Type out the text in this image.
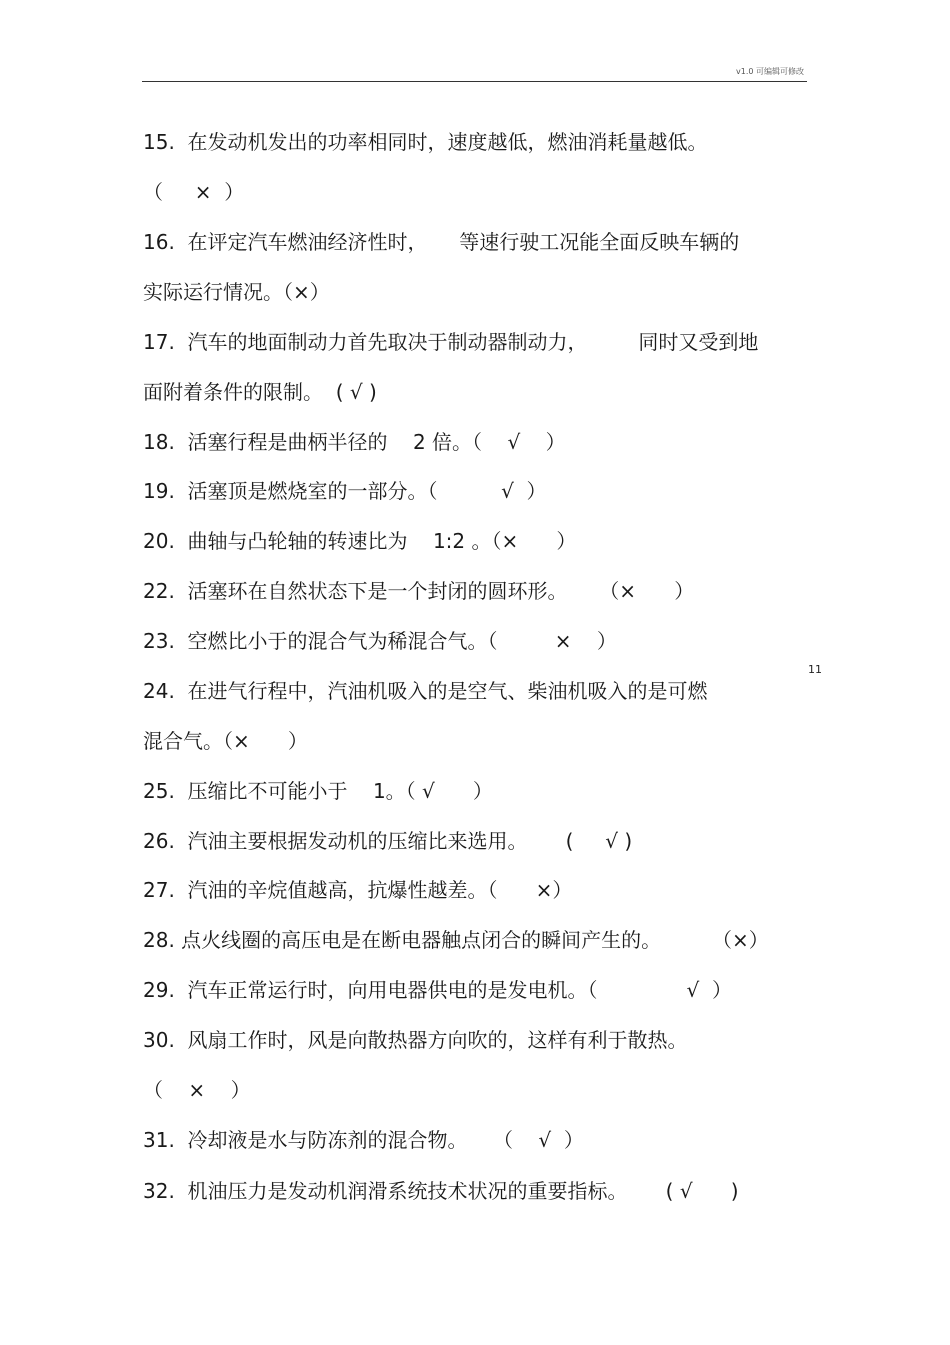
v1.0 可编辑可修改
11
15.  在发动机发出的功率相同时，速度越低，燃油消耗量越低。
（     ×  ）
16.  在评定汽车燃油经济性时，     等速行驶工况能全面反映车辆的
实际运行情况。（×）
17.  汽车的地面制动力首先取决于制动器制动力，        同时又受到地
面附着条件的限制。  ( √ )
18.  活塞行程是曲柄半径的    2 倍。（    √    ）
19.  活塞顶是燃烧室的一部分。（          √  ）
20.  曲轴与凸轮轴的转速比为    1:2 。（×      ）
22.  活塞环在自然状态下是一个封闭的圆环形。     （×      ）
23.  空燃比小于的混合气为稀混合气。（         ×    ）
24.  在进气行程中，汽油机吸入的是空气、柴油机吸入的是可燃
混合气。（×      ）
25.  压缩比不可能小于    1。（ √      ）
26.  汽油主要根据发动机的压缩比来选用。      (     √ )
27.  汽油的辛烷值越高，抗爆性越差。（      ×）
28. 点火线圈的高压电是在断电器触点闭合的瞬间产生的。        （×）
29.  汽车正常运行时，向用电器供电的是发电机。（              √  ）
30.  风扇工作时，风是向散热器方向吹的，这样有利于散热。
（    ×    ）
31.  冷却液是水与防冻剂的混合物。    （    √  ）
32.  机油压力是发动机润滑系统技术状况的重要指标。      ( √      )
